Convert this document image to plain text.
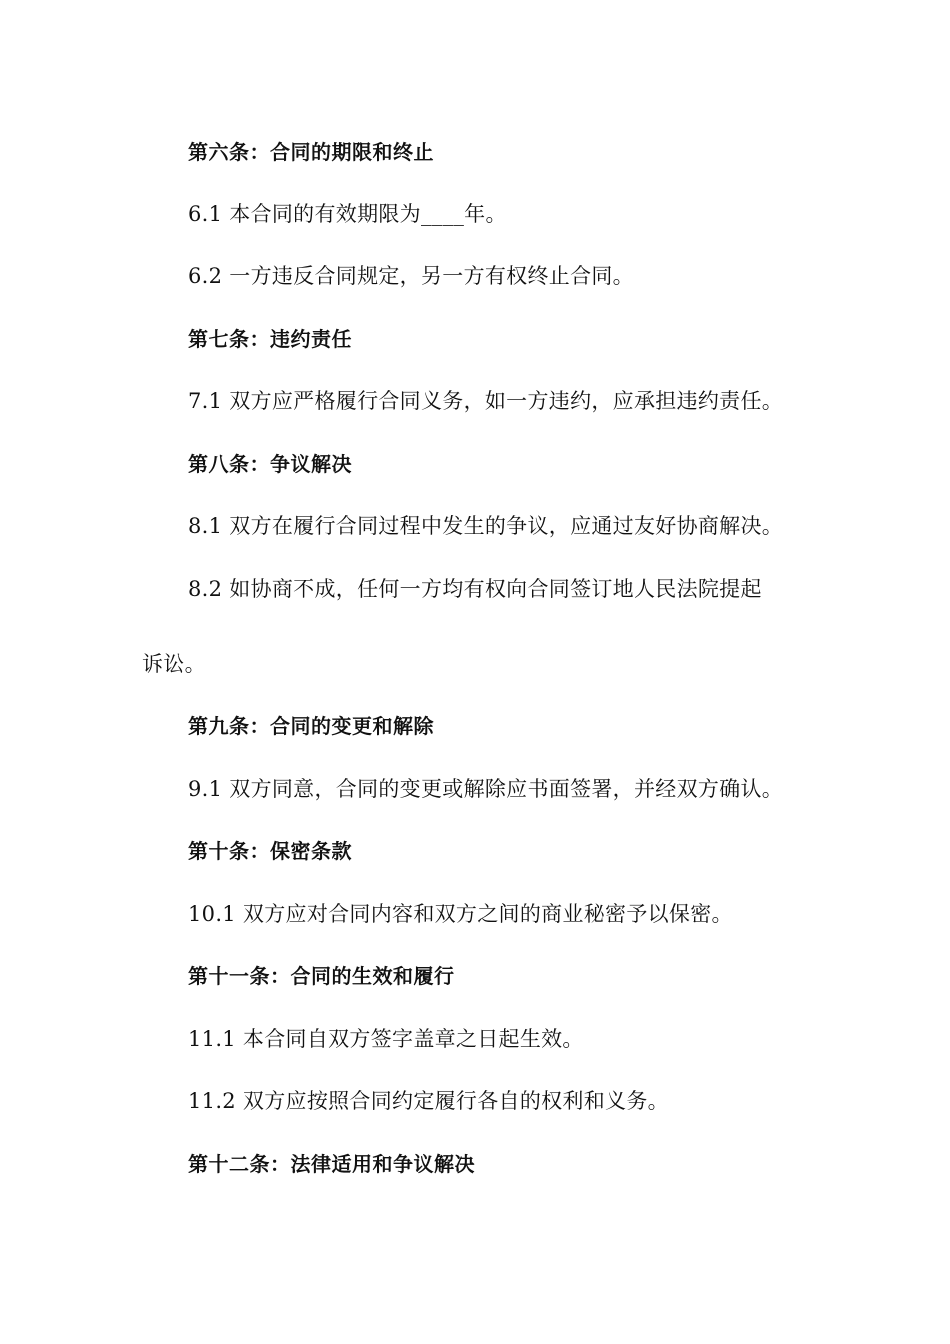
第六条：合同的期限和终止
6.1 本合同的有效期限为____年。
6.2 一方违反合同规定，另一方有权终止合同。
第七条：违约责任
7.1 双方应严格履行合同义务，如一方违约，应承担违约责任。
第八条：争议解决
8.1 双方在履行合同过程中发生的争议，应通过友好协商解决。
8.2 如协商不成，任何一方均有权向合同签订地人民法院提起
诉讼。
第九条：合同的变更和解除
9.1 双方同意，合同的变更或解除应书面签署，并经双方确认。
第十条：保密条款
10.1 双方应对合同内容和双方之间的商业秘密予以保密。
第十一条：合同的生效和履行
11.1 本合同自双方签字盖章之日起生效。
11.2 双方应按照合同约定履行各自的权利和义务。
第十二条：法律适用和争议解决
